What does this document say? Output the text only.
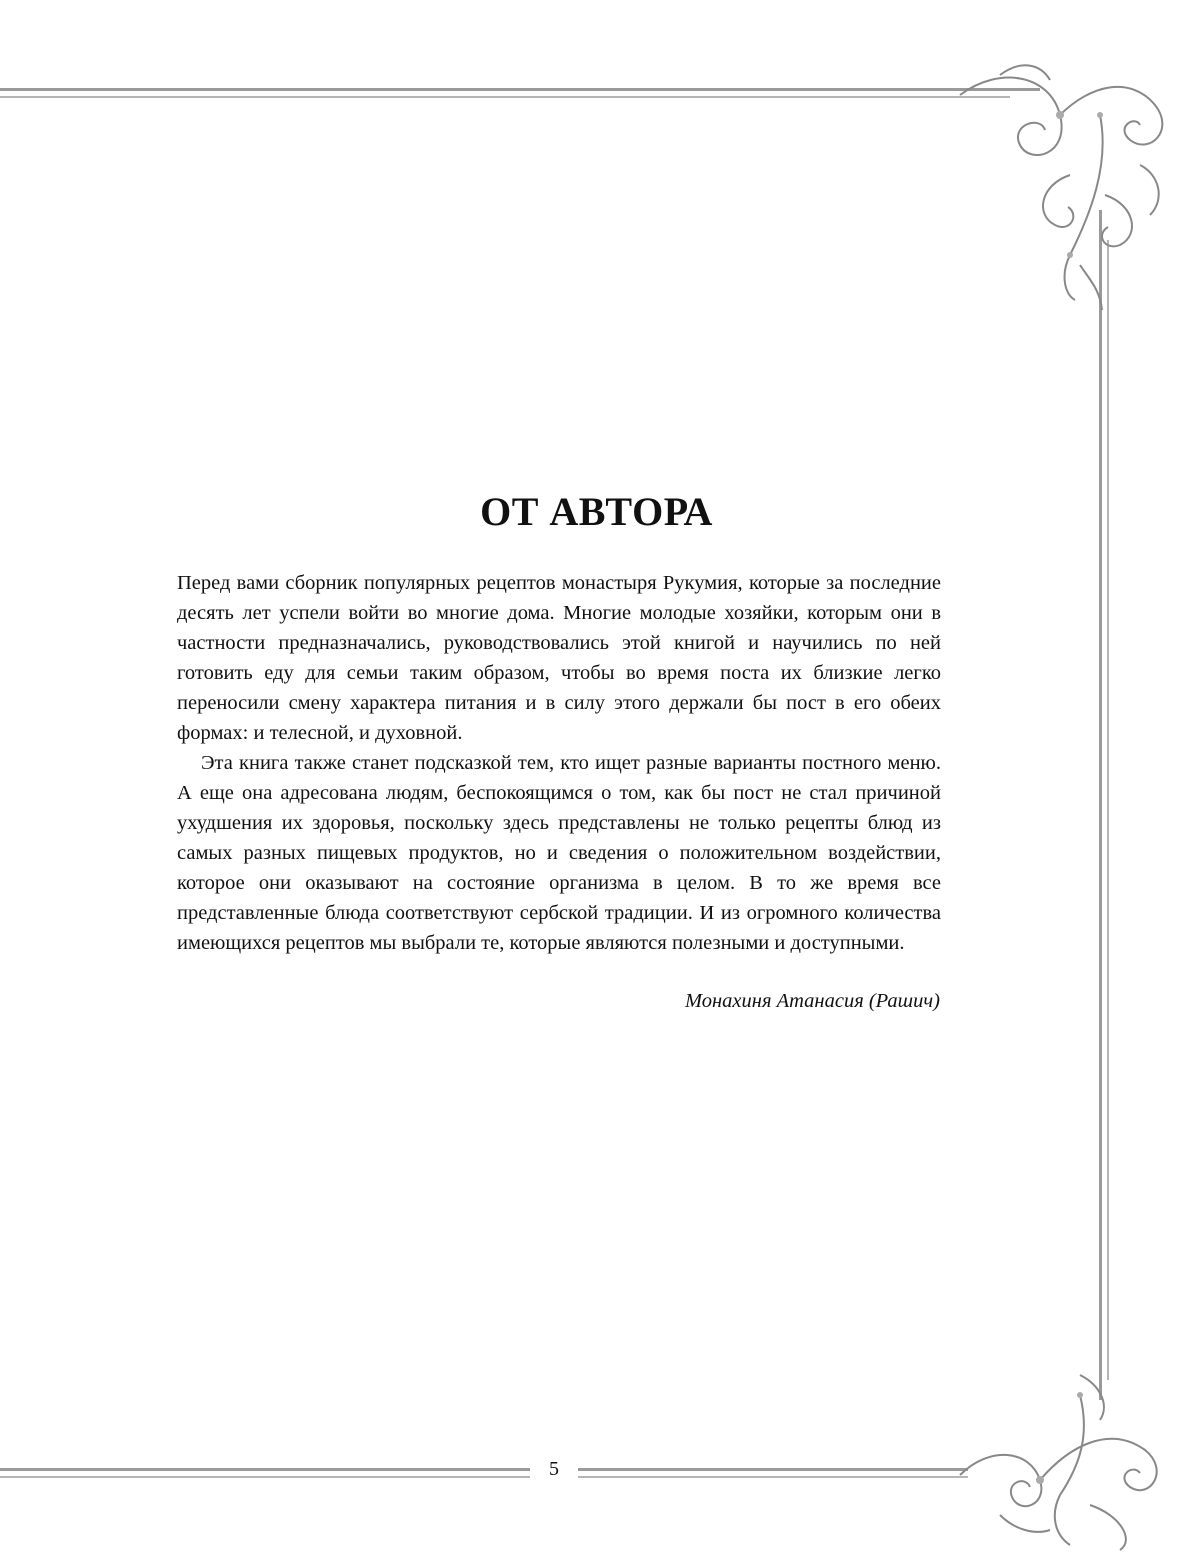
ОТ АВТОРА

Перед вами сборник популярных рецептов монастыря Рукумия, которые за последние десять лет успели войти во многие дома. Многие молодые хозяйки, которым они в частности предназначались, руководствовались этой книгой и научились по ней готовить еду для семьи таким образом, чтобы во время поста их близкие легко переносили смену характера питания и в силу этого держали бы пост в его обеих формах: и телесной, и духовной.

Эта книга также станет подсказкой тем, кто ищет разные варианты постного меню. А еще она адресована людям, беспокоящимся о том, как бы пост не стал причиной ухудшения их здоровья, поскольку здесь представлены не только рецепты блюд из самых разных пищевых продуктов, но и сведения о положительном воздействии, которое они оказывают на состояние организма в целом. В то же время все представленные блюда соответствуют сербской традиции. И из огромного количества имеющихся рецептов мы выбрали те, которые являются полезными и доступными.

Монахиня Атанасия (Рашич)
5
